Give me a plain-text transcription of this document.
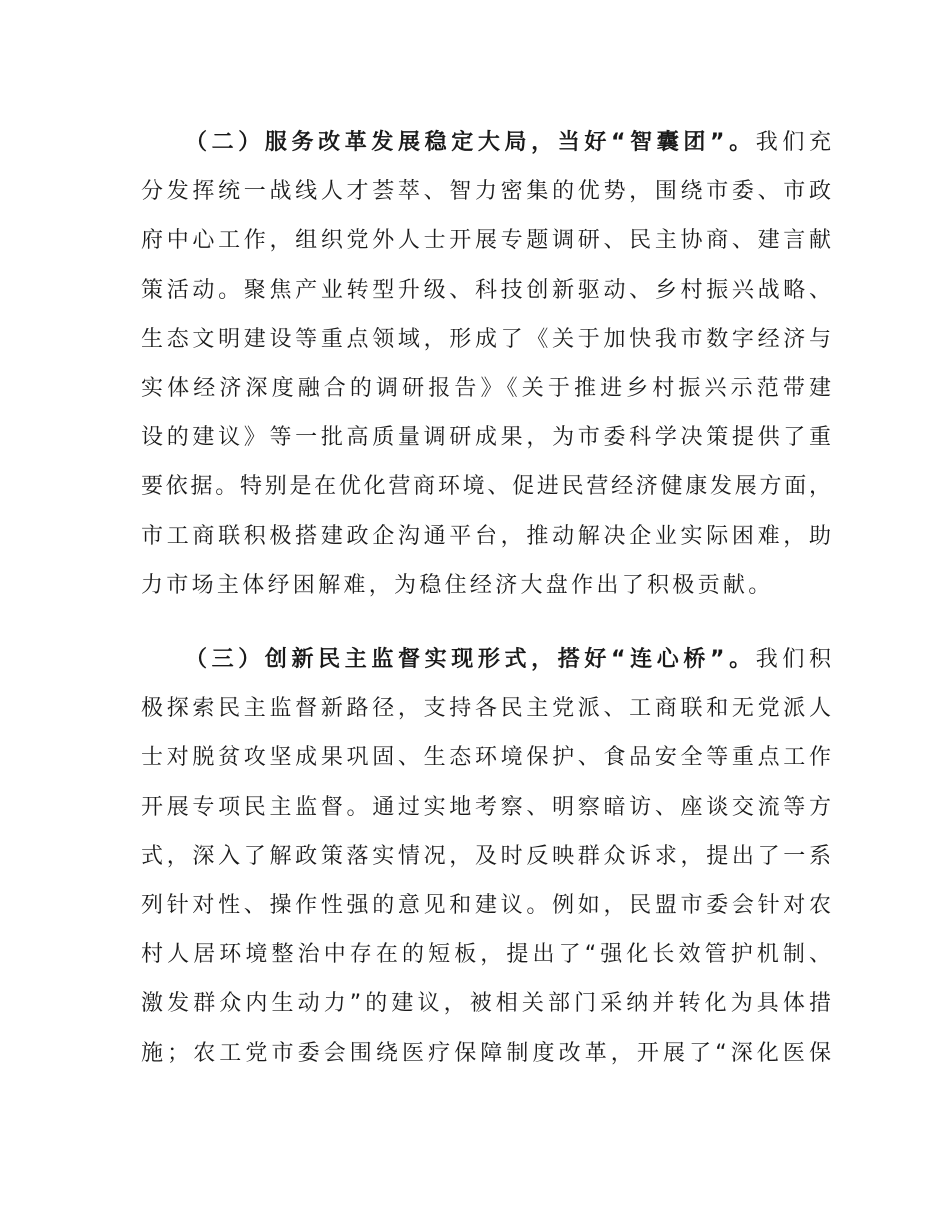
（二）服务改革发展稳定大局，当好“智囊团”。我们充
分发挥统一战线人才荟萃、智力密集的优势，围绕市委、市政
府中心工作，组织党外人士开展专题调研、民主协商、建言献
策活动。聚焦产业转型升级、科技创新驱动、乡村振兴战略、
生态文明建设等重点领域，形成了《关于加快我市数字经济与
实体经济深度融合的调研报告》《关于推进乡村振兴示范带建
设的建议》等一批高质量调研成果，为市委科学决策提供了重
要依据。特别是在优化营商环境、促进民营经济健康发展方面，
市工商联积极搭建政企沟通平台，推动解决企业实际困难，助
力市场主体纾困解难，为稳住经济大盘作出了积极贡献。
（三）创新民主监督实现形式，搭好“连心桥”。我们积
极探索民主监督新路径，支持各民主党派、工商联和无党派人
士对脱贫攻坚成果巩固、生态环境保护、食品安全等重点工作
开展专项民主监督。通过实地考察、明察暗访、座谈交流等方
式，深入了解政策落实情况，及时反映群众诉求，提出了一系
列针对性、操作性强的意见和建议。例如，民盟市委会针对农
村人居环境整治中存在的短板，提出了“强化长效管护机制、
激发群众内生动力”的建议，被相关部门采纳并转化为具体措
施；农工党市委会围绕医疗保障制度改革，开展了“深化医保
